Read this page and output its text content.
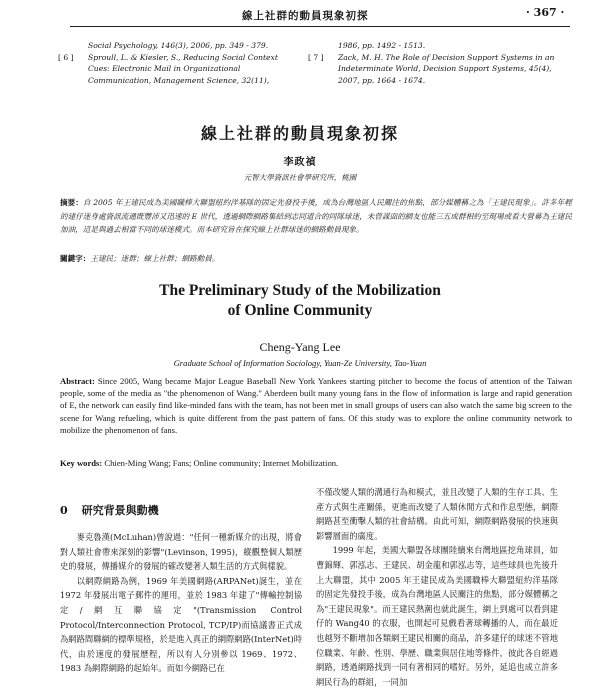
線上社群的動員現象初探	· 367 ·
Social Psychology, 146(3), 2006, pp. 349 - 379.
[ 6 ] Sproull, L. & Kiesler, S., Reducing Social Context Cues: Electronic Mail in Organizational Communication, Management Science, 32(11),
1986, pp. 1492 - 1513.
[ 7 ] Zack, M. H. The Role of Decision Support Systems in an Indeterminate World, Decision Support Systems, 45(4), 2007, pp. 1664 - 1674.
線上社群的動員現象初探
李政禎
元智大學資訊社會學研究所，桃園
摘要：自 2005 年王建民成為美國職棒大聯盟紐約洋基隊的固定先發投手後，成為台灣地區人民關注的焦點，部分媒體稱之為「王建民現象」。許多年輕的建仔迷身處資訊流通既豐沛又迅速的 E 世代，透過網際網路集結到志同道合的同隊球迷，未曾謀面的網友也能三五成群相約至現場或看大營幕為王建民加油，這是與過去相當不同的球迷模式。而本研究旨在探究線上社群球迷的網路動員現象。
關鍵字：王建民；迷群；線上社群；網路動員。
The Preliminary Study of the Mobilization
of Online Community
Cheng-Yang Lee
Graduate School of Information Sociology, Yuan-Ze University, Tao-Yuan
Abstract: Since 2005, Wang became Major League Baseball New York Yankees starting pitcher to become the focus of attention of the Taiwan people, some of the media as "the phenomenon of Wang." Aberdeen built many young fans in the flow of information is large and rapid generation of E, the network can easily find like-minded fans with the team, has not been met in small groups of users can also watch the same big screen to the scene for Wang refueling, which is quite different from the past pattern of fans. Of this study was to explore the online community network to mobilize the phenomenon of fans.
Key words: Chien-Ming Wang; Fans; Online community; Internet Mobilization.
0 研究背景與動機

麥克魯漢(McLuhan)曾說過："任何一種新媒介的出現，將會對人類社會帶來深刻的影響"(Levinson, 1995)，縱觀整個人類歷史的發展，傳播媒介的發展的確改變著人類生活的方式與樣貌。

以網際網路為例，1969 年美國網路(ARPANet)誕生，並在 1972 年發展出電子郵件的運用，並於 1983 年建了"傳輸控制協定/網互聯協定"(Transmission Control Protocol/Interconnection Protocol, TCP/IP)而協議書正式成為網路間聯網的標準規格，於是進入真正的網際網路(InterNet)時代，由於速度的發展歷程，所以有人分別參以 1969、1972、1983 為網際網路的起始年。而如今網路已在

不僅改變人類的溝通行為和模式，並且改變了人類的生存工具、生產方式與生產關係，更進而改變了人類休閒方式和作息型態，網際網路甚至衝擊人類的社會結構。由此可知，網際網路發展的快速與影響層面的廣度。

1999 年起，美國大聯盟各球團陸續來台灣地區挖角球員，如曹錦輝、郭泓志、王建民、胡金龍和郭泓志等，這些球員也先後升上大聯盟，其中 2005 年王建民成為美國職棒大聯盟紐約洋基隊的固定先發投手後，成為台灣地區人民關注的焦點，部分媒體稱之為"王建民現象"。而王建民熱潮也就此誕生，網上到處可以看到建仔的 Wang40 的衣服，也開起可見戲看著球轉播的人，而在最近也越努不斷增加各類網王建民相關的商品，許多建仔的球迷不管地位職業、年齡、性別、學歷、職業與居住地等條件，彼此各自經過網路，透過網路找到一同有著相同的嗜好。另外，延追也成立許多網民行為的群組，一同加
